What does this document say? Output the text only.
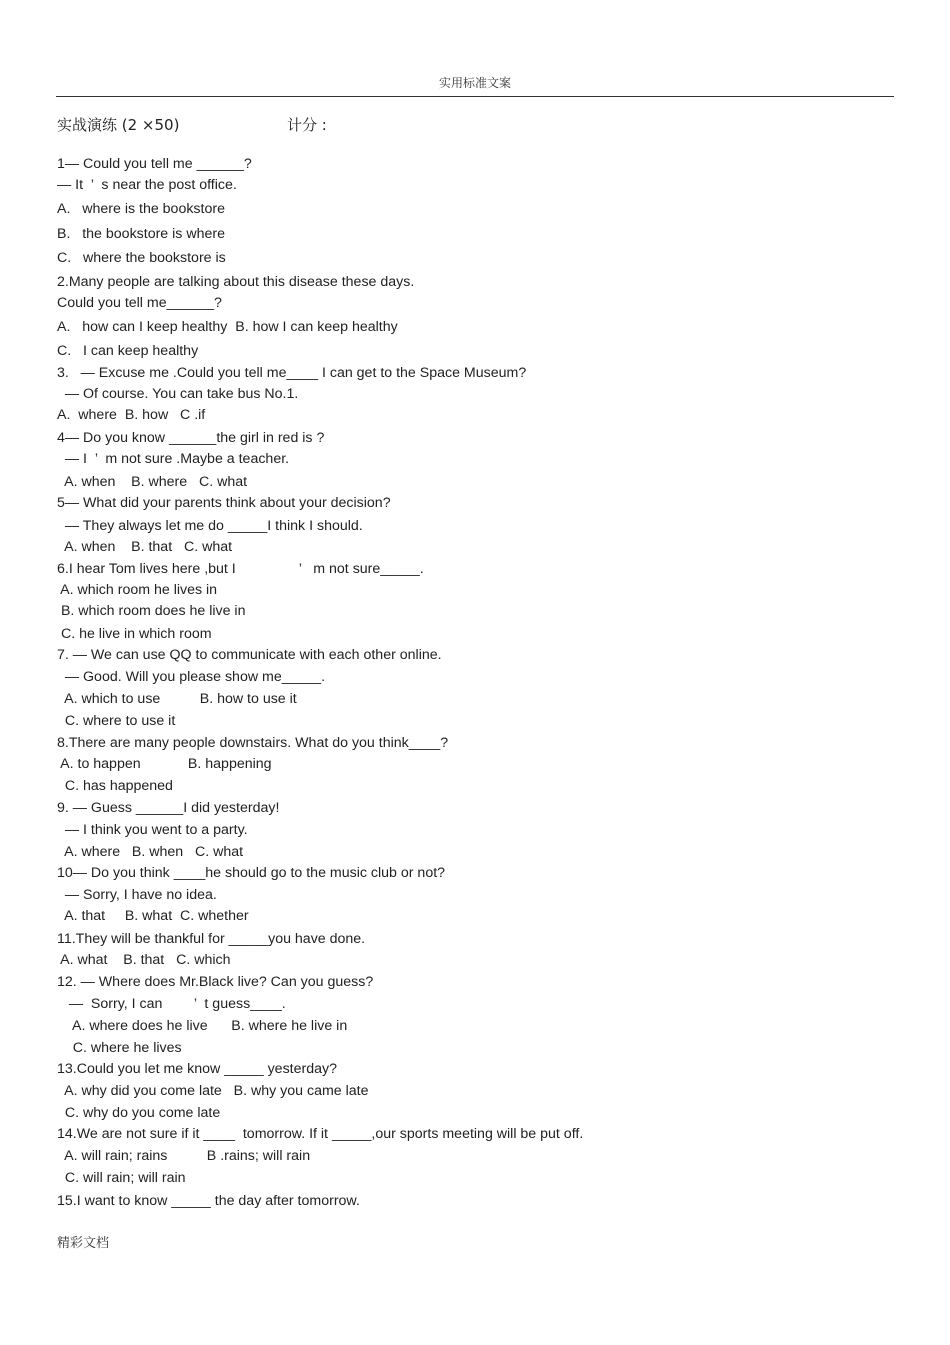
实用标准文案
实战演练 (2 ×50)	计分 :
1— Could you tell me ______?
— It  ’  s near the post office.
A.   where is the bookstore
B.   the bookstore is where
C.   where the bookstore is
2.Many people are talking about this disease these days.
Could you tell me______?
A.   how can I keep healthy  B. how I can keep healthy
C.   I can keep healthy
3.   — Excuse me .Could you tell me____ I can get to the Space Museum?
— Of course. You can take bus No.1.
A.  where  B. how   C .if
4— Do you know ______the girl in red is ?
— I  ’  m not sure .Maybe a teacher.
A. when    B. where   C. what
5— What did your parents think about your decision?
— They always let me do _____I think I should.
A. when    B. that   C. what
6.I hear Tom lives here ,but I                ’   m not sure_____.
A. which room he lives in
B. which room does he live in
C. he live in which room
7. — We can use QQ to communicate with each other online.
— Good. Will you please show me_____.
A. which to use          B. how to use it
C. where to use it
8.There are many people downstairs. What do you think____?
A. to happen            B. happening
C. has happened
9. — Guess ______I did yesterday!
— I think you went to a party.
A. where   B. when   C. what
10— Do you think ____he should go to the music club or not?
— Sorry, I have no idea.
A. that     B. what  C. whether
11.They will be thankful for _____you have done.
A. what    B. that   C. which
12. — Where does Mr.Black live? Can you guess?
—  Sorry, I can        ’  t guess____.
A. where does he live      B. where he live in
C. where he lives
13.Could you let me know _____ yesterday?
A. why did you come late   B. why you came late
C. why do you come late
14.We are not sure if it ____  tomorrow. If it _____,our sports meeting will be put off.
A. will rain; rains          B .rains; will rain
C. will rain; will rain
15.I want to know _____ the day after tomorrow.
精彩文档
